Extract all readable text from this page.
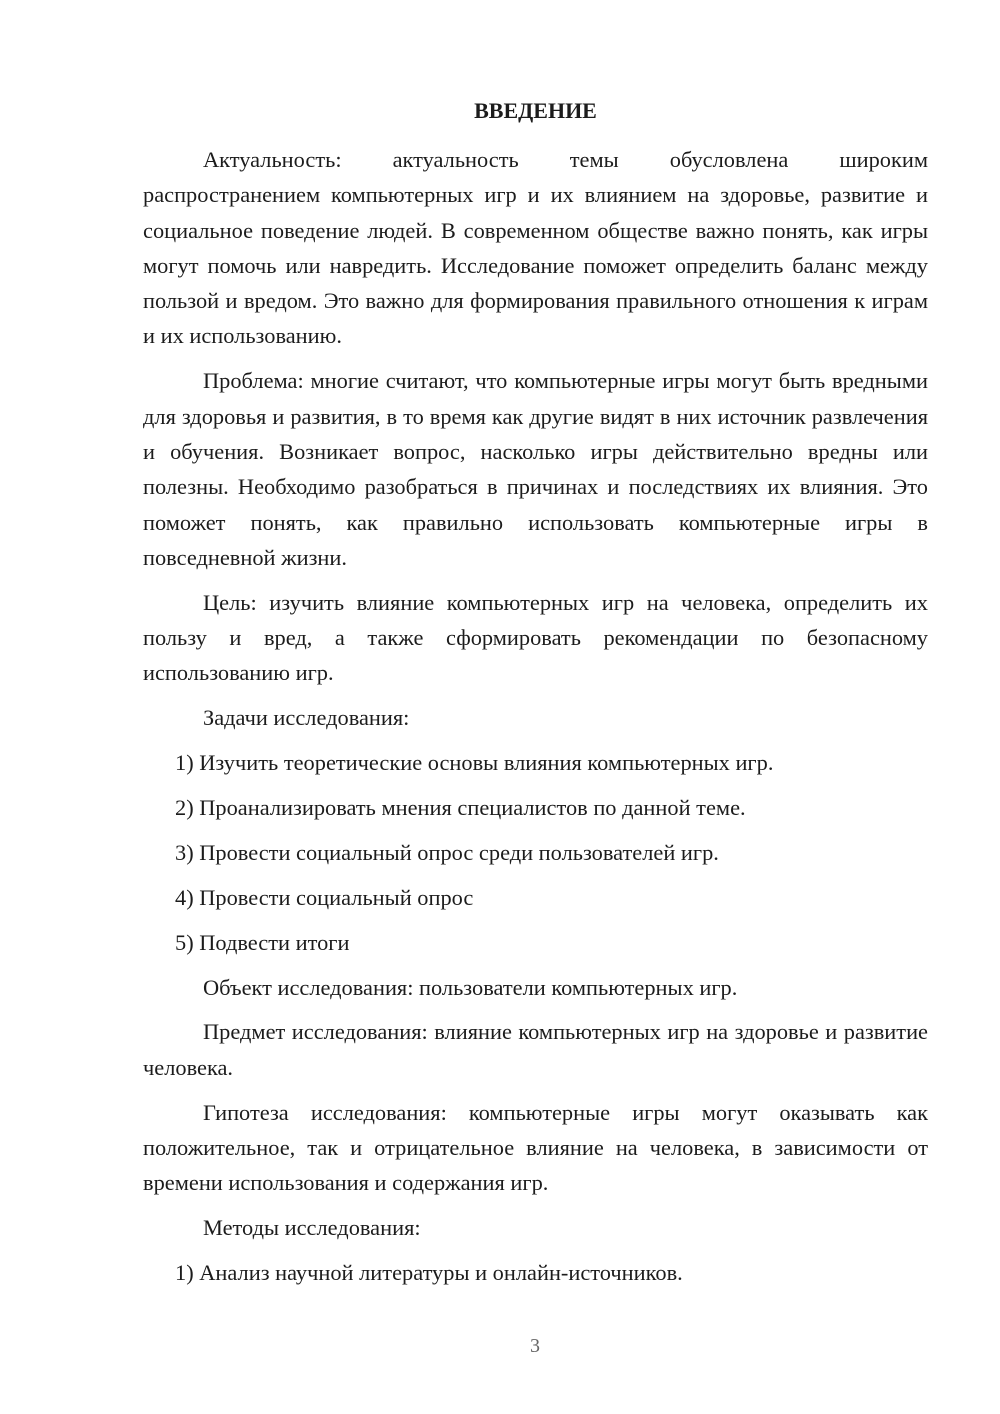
ВВЕДЕНИЕ

Актуальность: актуальность темы обусловлена широким распространением компьютерных игр и их влиянием на здоровье, развитие и социальное поведение людей. В современном обществе важно понять, как игры могут помочь или навредить. Исследование поможет определить баланс между пользой и вредом. Это важно для формирования правильного отношения к играм и их использованию.

Проблема: многие считают, что компьютерные игры могут быть вредными для здоровья и развития, в то время как другие видят в них источник развлечения и обучения. Возникает вопрос, насколько игры действительно вредны или полезны. Необходимо разобраться в причинах и последствиях их влияния. Это поможет понять, как правильно использовать компьютерные игры в повседневной жизни.

Цель: изучить влияние компьютерных игр на человека, определить их пользу и вред, а также сформировать рекомендации по безопасному использованию игр.

Задачи исследования:

1) Изучить теоретические основы влияния компьютерных игр.

2) Проанализировать мнения специалистов по данной теме.

3) Провести социальный опрос среди пользователей игр.

4) Провести социальный опрос

5) Подвести итоги

Объект исследования: пользователи компьютерных игр.

Предмет исследования: влияние компьютерных игр на здоровье и развитие человека.

Гипотеза исследования: компьютерные игры могут оказывать как положительное, так и отрицательное влияние на человека, в зависимости от времени использования и содержания игр.

Методы исследования:

1) Анализ научной литературы и онлайн-источников.

3
